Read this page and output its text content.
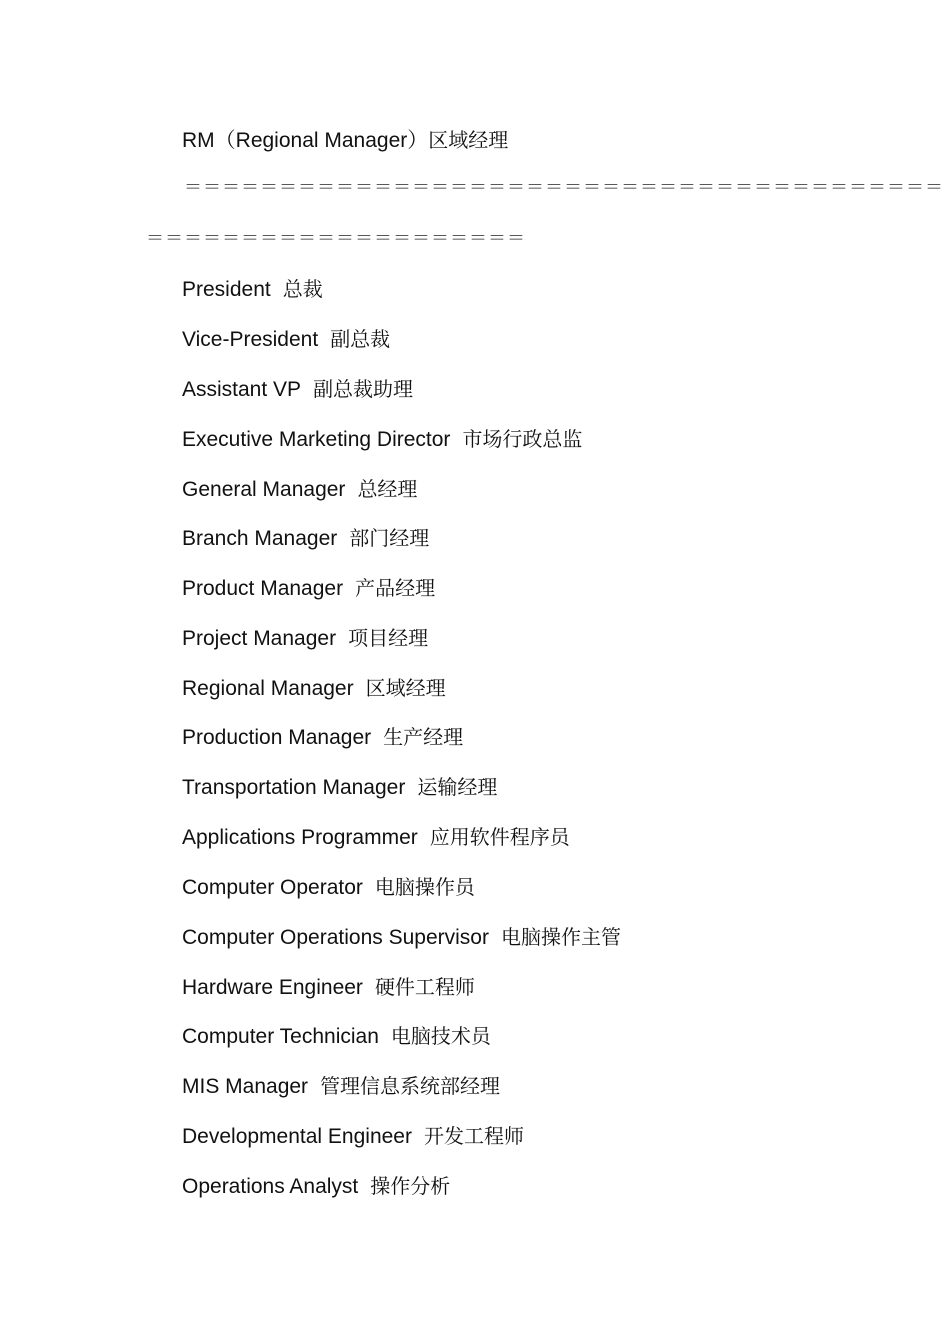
RM（Regional Manager）区域经理
＝＝＝＝＝＝＝＝＝＝＝＝＝＝＝＝＝＝＝＝＝＝＝＝＝＝＝＝＝＝＝＝＝＝＝＝＝＝＝＝
＝＝＝＝＝＝＝＝＝＝＝＝＝＝＝＝＝＝＝＝
President 总裁
Vice-President 副总裁
Assistant VP 副总裁助理
Executive Marketing Director 市场行政总监
General Manager 总经理
Branch Manager 部门经理
Product Manager 产品经理
Project Manager 项目经理
Regional Manager 区域经理
Production Manager 生产经理
Transportation Manager 运输经理
Applications Programmer 应用软件程序员
Computer Operator 电脑操作员
Computer Operations Supervisor 电脑操作主管
Hardware Engineer 硬件工程师
Computer Technician 电脑技术员
MIS Manager 管理信息系统部经理
Developmental Engineer 开发工程师
Operations Analyst 操作分析
